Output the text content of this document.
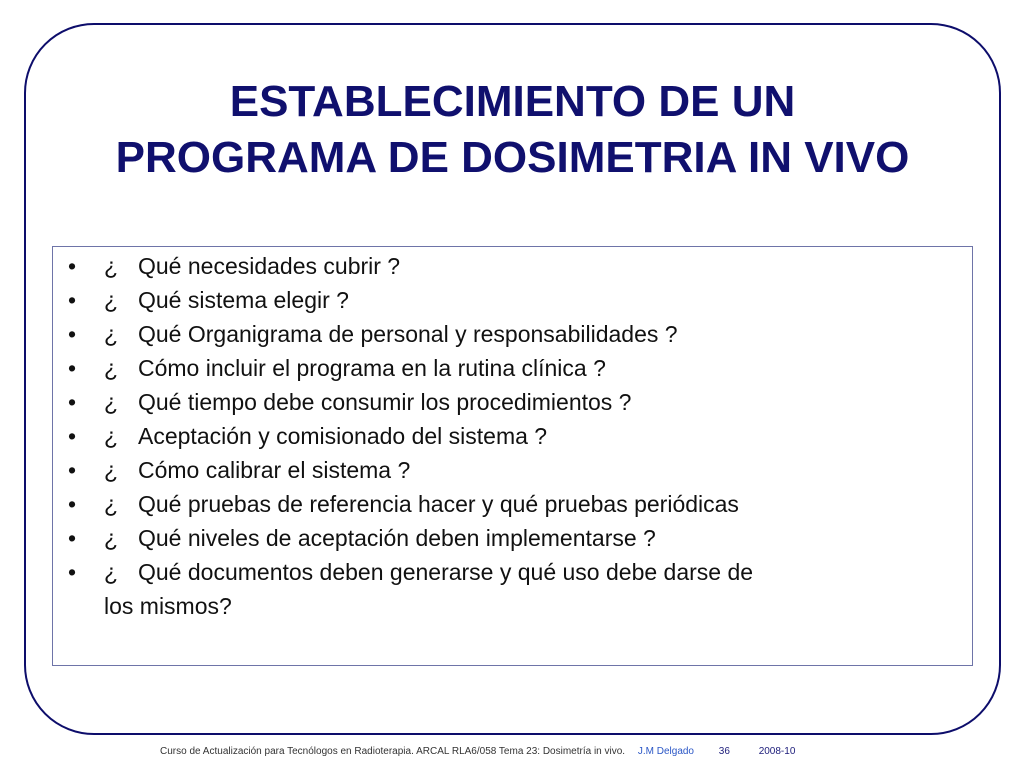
ESTABLECIMIENTO DE UN
PROGRAMA DE DOSIMETRIA IN VIVO
• ¿ Qué necesidades cubrir ?
• ¿ Qué sistema elegir ?
• ¿ Qué Organigrama de personal y responsabilidades ?
• ¿ Cómo incluir el programa en la rutina clínica ?
• ¿ Qué tiempo debe consumir los procedimientos ?
• ¿ Aceptación y comisionado del sistema ?
• ¿ Cómo calibrar el sistema ?
• ¿ Qué pruebas de referencia hacer y qué pruebas periódicas
• ¿ Qué niveles de aceptación deben implementarse ?
• ¿ Qué documentos deben generarse y qué uso debe darse de
los mismos?
Curso de Actualización para Tecnólogos en Radioterapia. ARCAL RLA6/058 Tema 23: Dosimetría in vivo. J.M Delgado 36	2008-10
